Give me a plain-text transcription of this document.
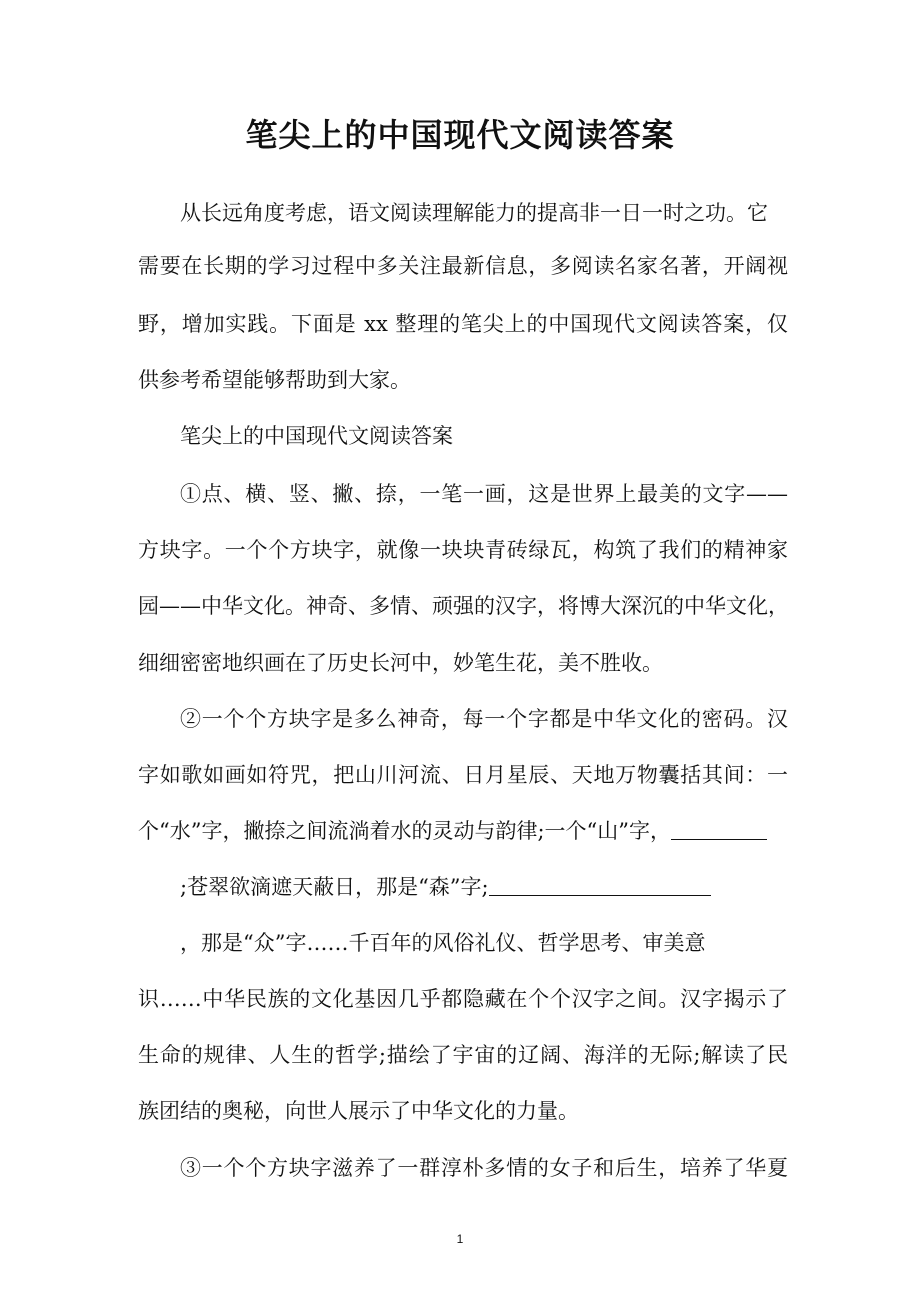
笔尖上的中国现代文阅读答案
从长远角度考虑，语文阅读理解能力的提高非一日一时之功。它
需要在长期的学习过程中多关注最新信息，多阅读名家名著，开阔视
野，增加实践。下面是 xx 整理的笔尖上的中国现代文阅读答案，仅
供参考希望能够帮助到大家。
笔尖上的中国现代文阅读答案
①点、横、竖、撇、捺，一笔一画，这是世界上最美的文字——
方块字。一个个方块字，就像一块块青砖绿瓦，构筑了我们的精神家
园——中华文化。神奇、多情、顽强的汉字，将博大深沉的中华文化，
细细密密地织画在了历史长河中，妙笔生花，美不胜收。
②一个个方块字是多么神奇，每一个字都是中华文化的密码。汉
字如歌如画如符咒，把山川河流、日月星辰、天地万物囊括其间：一
个“水”字，撇捺之间流淌着水的灵动与韵律;一个“山”字，
;苍翠欲滴遮天蔽日，那是“森”字;
，那是“众”字……千百年的风俗礼仪、哲学思考、审美意
识……中华民族的文化基因几乎都隐藏在个个汉字之间。汉字揭示了
生命的规律、人生的哲学;描绘了宇宙的辽阔、海洋的无际;解读了民
族团结的奥秘，向世人展示了中华文化的力量。
③一个个方块字滋养了一群淳朴多情的女子和后生，培养了华夏
1
